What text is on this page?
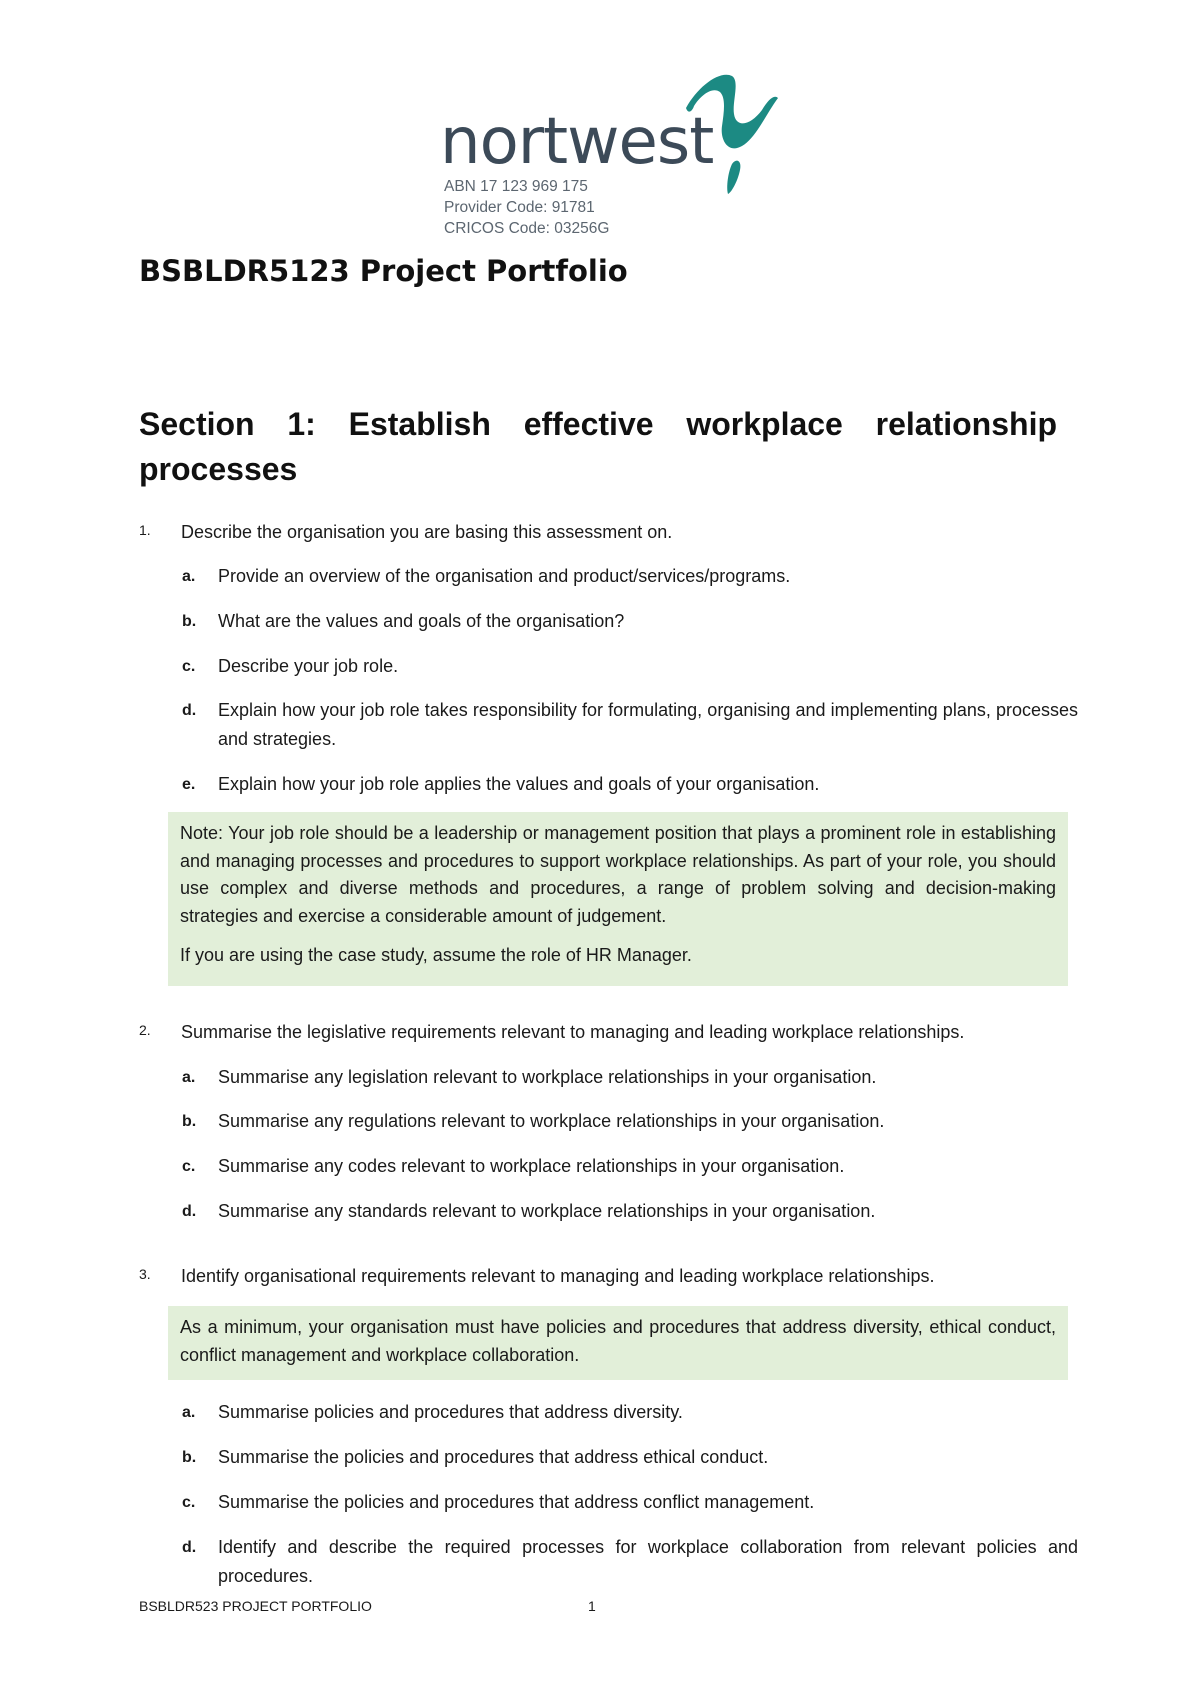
nortwest
ABN 17 123 969 175
Provider Code: 91781
CRICOS Code: 03256G
BSBLDR5123 Project Portfolio
Section 1: Establish effective workplace relationship processes
1. Describe the organisation you are basing this assessment on.
a. Provide an overview of the organisation and product/services/programs.
b. What are the values and goals of the organisation?
c. Describe your job role.
d. Explain how your job role takes responsibility for formulating, organising and implementing plans, processes and strategies.
e. Explain how your job role applies the values and goals of your organisation.

Note: Your job role should be a leadership or management position that plays a prominent role in establishing and managing processes and procedures to support workplace relationships. As part of your role, you should use complex and diverse methods and procedures, a range of problem solving and decision-making strategies and exercise a considerable amount of judgement.

If you are using the case study, assume the role of HR Manager.

2. Summarise the legislative requirements relevant to managing and leading workplace relationships.
a. Summarise any legislation relevant to workplace relationships in your organisation.
b. Summarise any regulations relevant to workplace relationships in your organisation.
c. Summarise any codes relevant to workplace relationships in your organisation.
d. Summarise any standards relevant to workplace relationships in your organisation.
3. Identify organisational requirements relevant to managing and leading workplace relationships.

As a minimum, your organisation must have policies and procedures that address diversity, ethical conduct, conflict management and workplace collaboration.

a. Summarise policies and procedures that address diversity.
b. Summarise the policies and procedures that address ethical conduct.
c. Summarise the policies and procedures that address conflict management.
d. Identify and describe the required processes for workplace collaboration from relevant policies and procedures.
BSBLDR523 PROJECT PORTFOLIO	1
